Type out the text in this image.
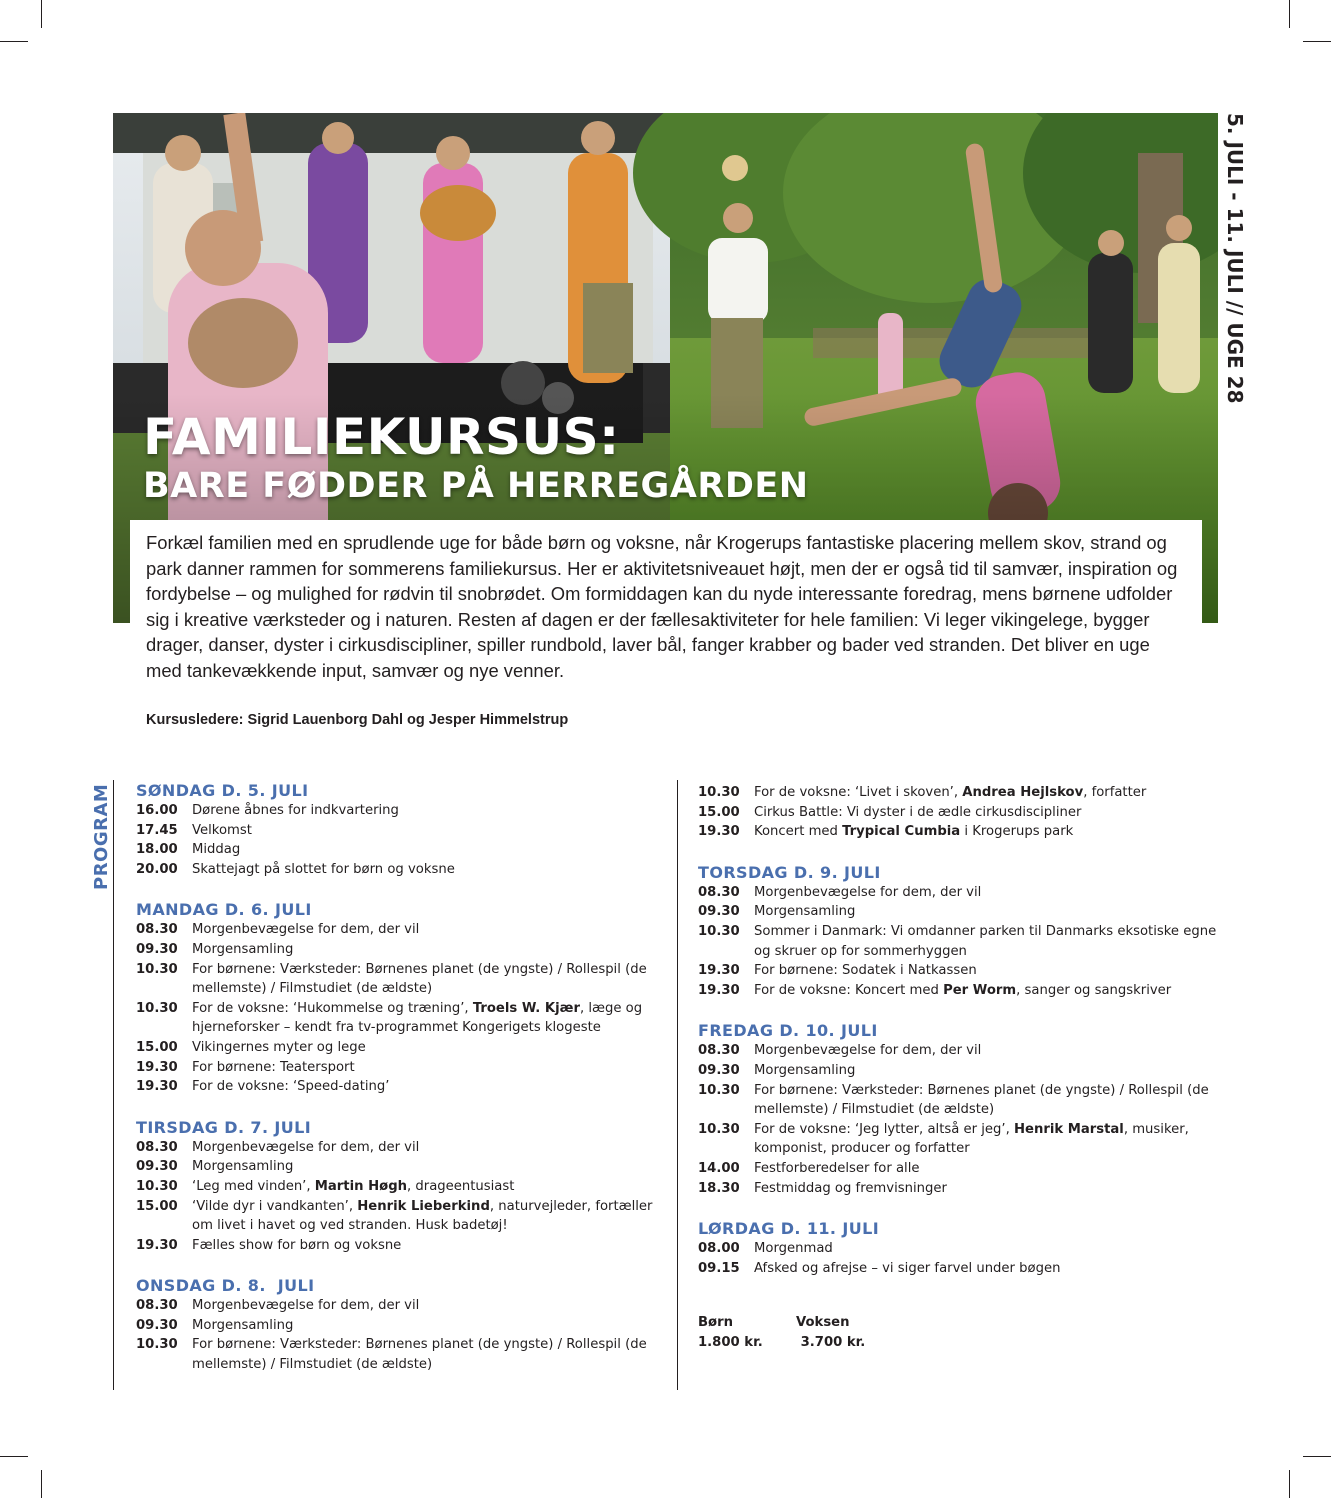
FAMILIEKURSUS:
BARE FØDDER PÅ HERREGÅRDEN
5. JULI - 11. JULI // UGE 28
Forkæl familien med en sprudlende uge for både børn og voksne, når Krogerups fantastiske placering mellem skov, strand og park danner rammen for sommerens familiekursus. Her er aktivitetsniveauet højt, men der er også tid til samvær, inspiration og fordybelse – og mulighed for rødvin til snobrødet. Om formiddagen kan du nyde interessante foredrag, mens børnene udfolder sig i kreative værksteder og i naturen. Resten af dagen er der fællesaktiviteter for hele familien: Vi leger vikingelege, bygger drager, danser, dyster i cirkusdiscipliner, spiller rundbold, laver bål, fanger krabber og bader ved stranden. Det bliver en uge med tankevækkende input, samvær og nye venner.
Kursusledere: Sigrid Lauenborg Dahl og Jesper Himmelstrup
PROGRAM	SØNDAG D. 5. JULI
16.00	Dørene åbnes for indkvartering
17.45	Velkomst
18.00	Middag
20.00	Skattejagt på slottet for børn og voksne
MANDAG D. 6. JULI
08.30	Morgenbevægelse for dem, der vil
09.30	Morgensamling
10.30	For børnene: Værksteder: Børnenes planet (de yngste) / Rollespil (de mellemste) / Filmstudiet (de ældste)
10.30	For de voksne: ‘Hukommelse og træning’, Troels W. Kjær, læge og hjerneforsker – kendt fra tv-programmet Kongerigets klogeste
15.00	Vikingernes myter og lege
19.30	For børnene: Teatersport
19.30	For de voksne: ‘Speed-dating’
TIRSDAG D. 7. JULI
08.30	Morgenbevægelse for dem, der vil
09.30	Morgensamling
10.30	‘Leg med vinden’, Martin Høgh, drageentusiast
15.00	‘Vilde dyr i vandkanten’, Henrik Lieberkind, naturvejleder, fortæller om livet i havet og ved stranden. Husk badetøj!
19.30	Fælles show for børn og voksne
ONSDAG D. 8.  JULI
08.30	Morgenbevægelse for dem, der vil
09.30	Morgensamling
10.30	For børnene: Værksteder: Børnenes planet (de yngste) / Rollespil (de mellemste) / Filmstudiet (de ældste)
10.30	For de voksne: ‘Livet i skoven’, Andrea Hejlskov, forfatter
15.00	Cirkus Battle: Vi dyster i de ædle cirkusdiscipliner
19.30	Koncert med Trypical Cumbia i Krogerups park
TORSDAG D. 9. JULI
08.30	Morgenbevægelse for dem, der vil
09.30	Morgensamling
10.30	Sommer i Danmark: Vi omdanner parken til Danmarks eksotiske egne og skruer op for sommerhyggen
19.30	For børnene: Sodatek i Natkassen
19.30	For de voksne: Koncert med Per Worm, sanger og sangskriver
FREDAG D. 10. JULI
08.30	Morgenbevægelse for dem, der vil
09.30	Morgensamling
10.30	For børnene: Værksteder: Børnenes planet (de yngste) / Rollespil (de mellemste) / Filmstudiet (de ældste)
10.30	For de voksne: ‘Jeg lytter, altså er jeg’, Henrik Marstal, musiker, komponist, producer og forfatter
14.00	Festforberedelser for alle
18.30	Festmiddag og fremvisninger
LØRDAG D. 11. JULI
08.00	Morgenmad
09.15	Afsked og afrejse – vi siger farvel under bøgen
Børn	Voksen
1.800 kr.	3.700 kr.
